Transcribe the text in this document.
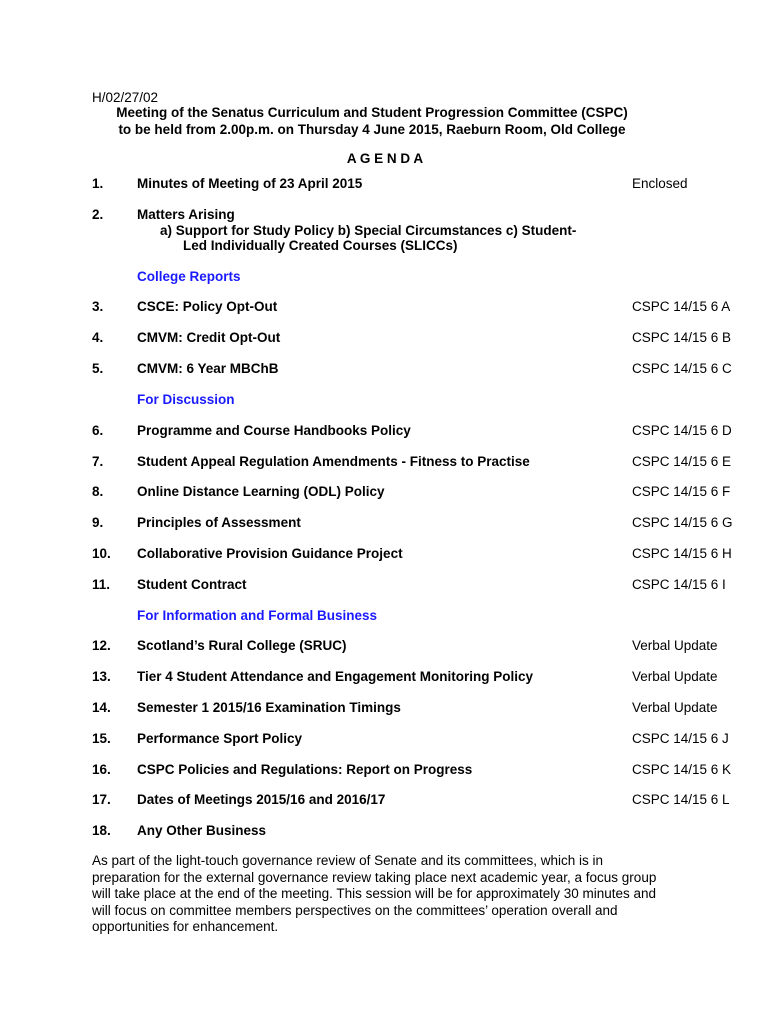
H/02/27/02
Meeting of the Senatus Curriculum and Student Progression Committee (CSPC)
to be held from 2.00p.m. on Thursday 4 June 2015, Raeburn Room, Old College
A G E N D A
1. Minutes of Meeting of 23 April 2015	Enclosed
2. Matters Arising
a) Support for Study Policy b) Special Circumstances c) Student-
Led Individually Created Courses (SLICCs)
College Reports
3. CSCE: Policy Opt-Out	CSPC 14/15 6 A
4. CMVM: Credit Opt-Out	CSPC 14/15 6 B
5. CMVM: 6 Year MBChB	CSPC 14/15 6 C
For Discussion
6. Programme and Course Handbooks Policy	CSPC 14/15 6 D
7. Student Appeal Regulation Amendments - Fitness to Practise	CSPC 14/15 6 E
8. Online Distance Learning (ODL) Policy	CSPC 14/15 6 F
9. Principles of Assessment	CSPC 14/15 6 G
10. Collaborative Provision Guidance Project	CSPC 14/15 6 H
11. Student Contract	CSPC 14/15 6 I
For Information and Formal Business
12. Scotland’s Rural College (SRUC)	Verbal Update
13. Tier 4 Student Attendance and Engagement Monitoring Policy	Verbal Update
14. Semester 1 2015/16 Examination Timings	Verbal Update
15. Performance Sport Policy	CSPC 14/15 6 J
16. CSPC Policies and Regulations: Report on Progress	CSPC 14/15 6 K
17. Dates of Meetings 2015/16 and 2016/17	CSPC 14/15 6 L
18. Any Other Business
As part of the light-touch governance review of Senate and its committees, which is in preparation for the external governance review taking place next academic year, a focus group will take place at the end of the meeting. This session will be for approximately 30 minutes and will focus on committee members perspectives on the committees’ operation overall and opportunities for enhancement.
